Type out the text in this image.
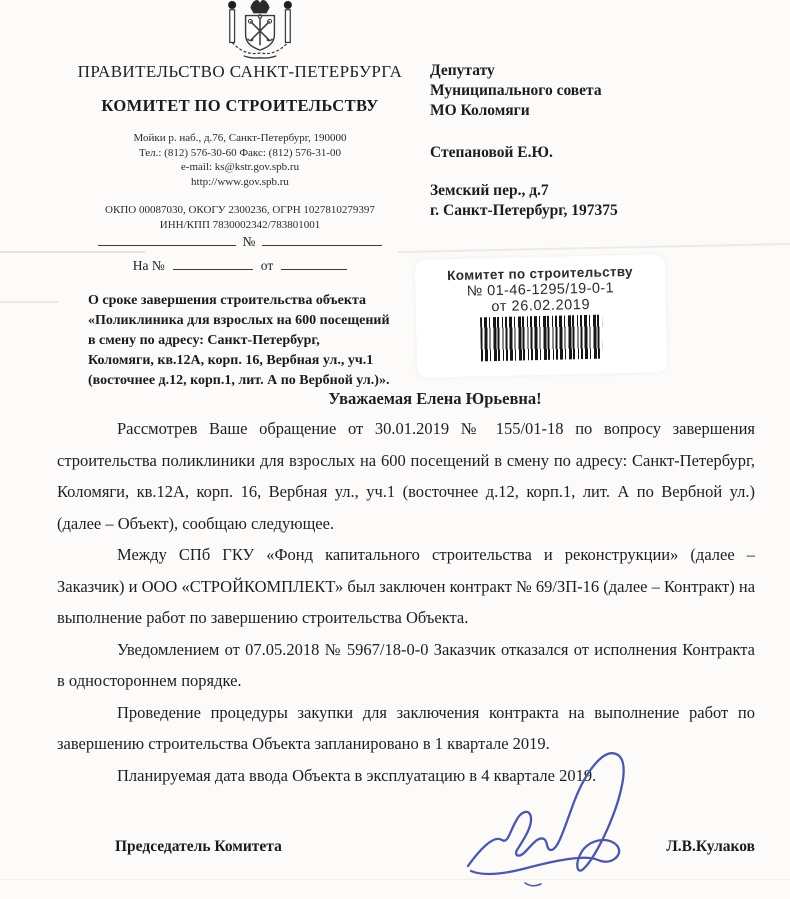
ПРАВИТЕЛЬСТВО САНКТ-ПЕТЕРБУРГА
КОМИТЕТ ПО СТРОИТЕЛЬСТВУ
Мойки р. наб., д.76, Санкт-Петербург, 190000
Тел.: (812) 576-30-60 Факс: (812) 576-31-00
e-mail: ks@kstr.gov.spb.ru
http://www.gov.spb.ru
ОКПО 00087030, ОКОГУ 2300236, ОГРН 1027810279397
ИНН/КПП 7830002342/783801001
№
На №	от
Депутату
Муниципального совета
МО Коломяги
Степановой Е.Ю.
Земский пер., д.7
г. Санкт-Петербург, 197375
О сроке завершения строительства объекта
«Поликлиника для взрослых на 600 посещений
в смену по адресу: Санкт-Петербург,
Коломяги, кв.12А, корп. 16, Вербная ул., уч.1
(восточнее д.12, корп.1, лит. А по Вербной ул.)».
Комитет по строительству
№ 01-46-1295/19-0-1
от 26.02.2019
Уважаемая Елена Юрьевна!

Рассмотрев Ваше обращение от 30.01.2019 № 155/01-18 по вопросу завершения строительства поликлиники для взрослых на 600 посещений в смену по адресу: Санкт-Петербург, Коломяги, кв.12А, корп. 16, Вербная ул., уч.1 (восточнее д.12, корп.1, лит. А по Вербной ул.) (далее – Объект), сообщаю следующее.

Между СПб ГКУ «Фонд капитального строительства и реконструкции» (далее – Заказчик) и ООО «СТРОЙКОМПЛЕКТ» был заключен контракт № 69/ЗП-16 (далее – Контракт) на выполнение работ по завершению строительства Объекта.

Уведомлением от 07.05.2018 № 5967/18-0-0 Заказчик отказался от исполнения Контракта в одностороннем порядке.

Проведение процедуры закупки для заключения контракта на выполнение работ по завершению строительства Объекта запланировано в 1 квартале 2019.

Планируемая дата ввода Объекта в эксплуатацию в 4 квартале 2019.

Председатель Комитета	Л.В.Кулаков
